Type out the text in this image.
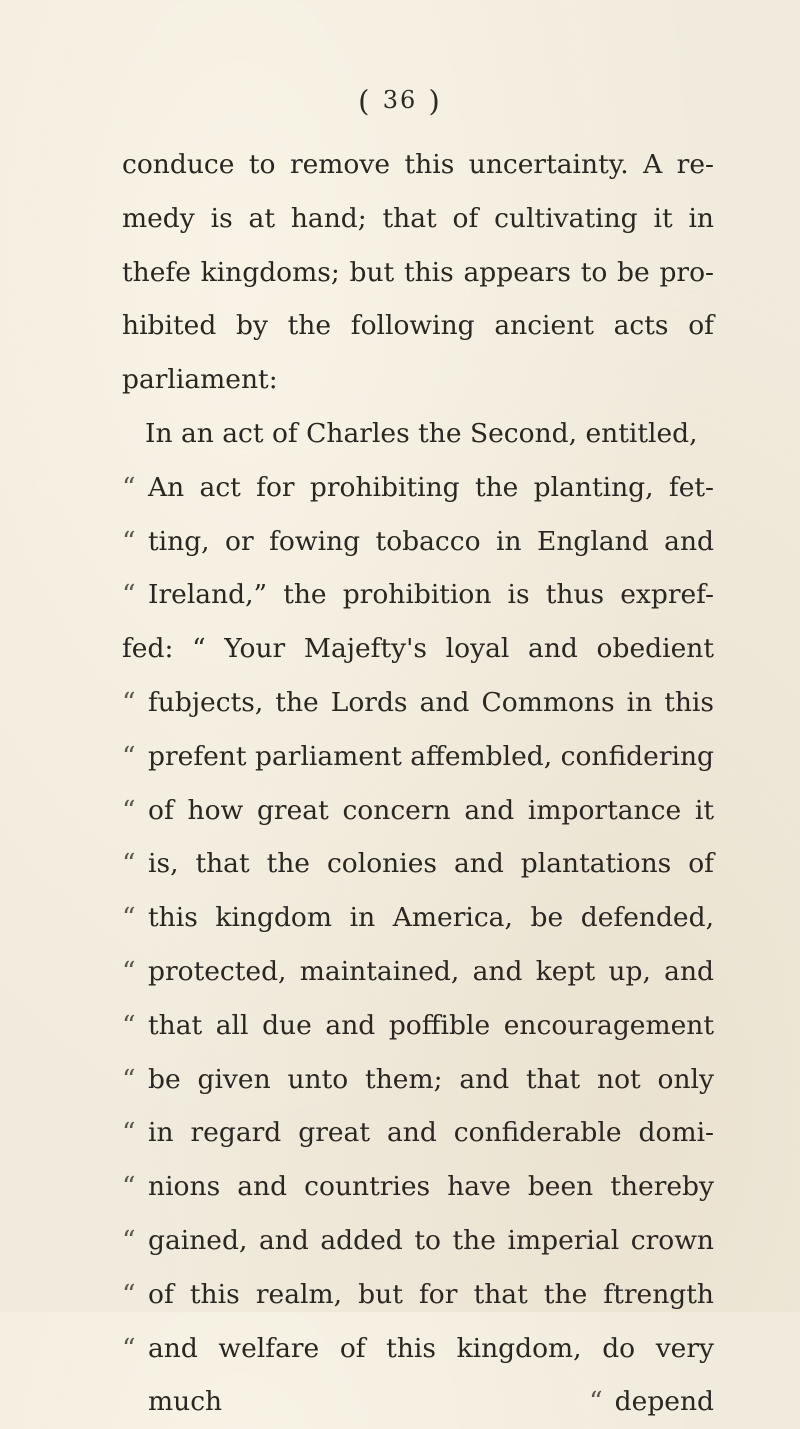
( 36 )
conduce to remove this uncertainty. A re-
medy is at hand; that of cultivating it in
thefe kingdoms; but this appears to be pro-
hibited by the following ancient acts of
parliament:
In an act of Charles the Second, entitled,
“ An act for prohibiting the planting, fet-
“ ting, or fowing tobacco in England and
“ Ireland,” the prohibition is thus expref-
fed: “ Your Majefty's loyal and obedient
“ fubjects, the Lords and Commons in this
“ prefent parliament affembled, confidering
“ of how great concern and importance it
“ is, that the colonies and plantations of
“ this kingdom in America, be defended,
“ protected, maintained, and kept up, and
“ that all due and poffible encouragement
“ be given unto them; and that not only
“ in regard great and confiderable domi-
“ nions and countries have been thereby
“ gained, and added to the imperial crown
“ of this realm, but for that the ftrength
“ and welfare of this kingdom, do very much	“ depend
